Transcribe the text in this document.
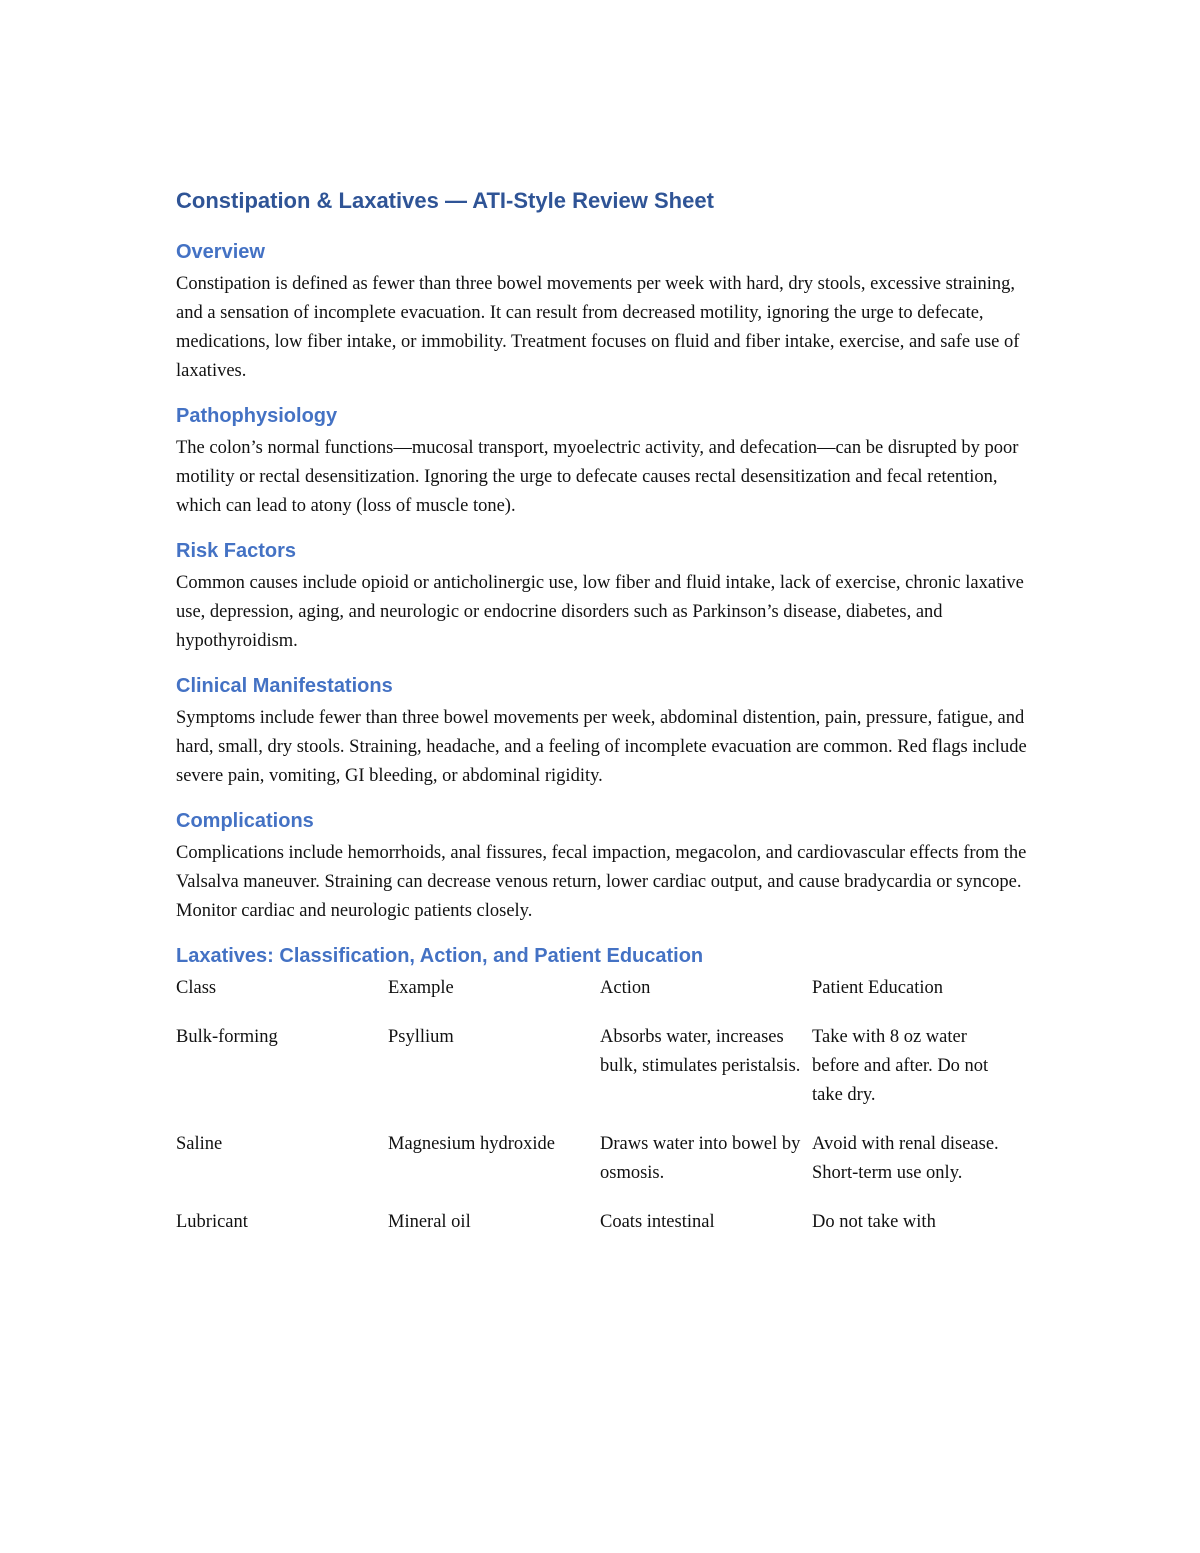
Constipation & Laxatives — ATI-Style Review Sheet
Overview

Constipation is defined as fewer than three bowel movements per week with hard, dry stools, excessive straining, and a sensation of incomplete evacuation. It can result from decreased motility, ignoring the urge to defecate, medications, low fiber intake, or immobility. Treatment focuses on fluid and fiber intake, exercise, and safe use of laxatives.

Pathophysiology

The colon’s normal functions—mucosal transport, myoelectric activity, and defecation—can be disrupted by poor motility or rectal desensitization. Ignoring the urge to defecate causes rectal desensitization and fecal retention, which can lead to atony (loss of muscle tone).

Risk Factors

Common causes include opioid or anticholinergic use, low fiber and fluid intake, lack of exercise, chronic laxative use, depression, aging, and neurologic or endocrine disorders such as Parkinson’s disease, diabetes, and hypothyroidism.

Clinical Manifestations

Symptoms include fewer than three bowel movements per week, abdominal distention, pain, pressure, fatigue, and hard, small, dry stools. Straining, headache, and a feeling of incomplete evacuation are common. Red flags include severe pain, vomiting, GI bleeding, or abdominal rigidity.

Complications

Complications include hemorrhoids, anal fissures, fecal impaction, megacolon, and cardiovascular effects from the Valsalva maneuver. Straining can decrease venous return, lower cardiac output, and cause bradycardia or syncope. Monitor cardiac and neurologic patients closely.

Laxatives: Classification, Action, and Patient Education
Class	Example	Action	Patient Education
Bulk-forming	Psyllium	Absorbs water, increases bulk, stimulates peristalsis.	Take with 8 oz water before and after. Do not take dry.
Saline	Magnesium hydroxide	Draws water into bowel by osmosis.	Avoid with renal disease. Short-term use only.
Lubricant	Mineral oil	Coats intestinal	Do not take with
